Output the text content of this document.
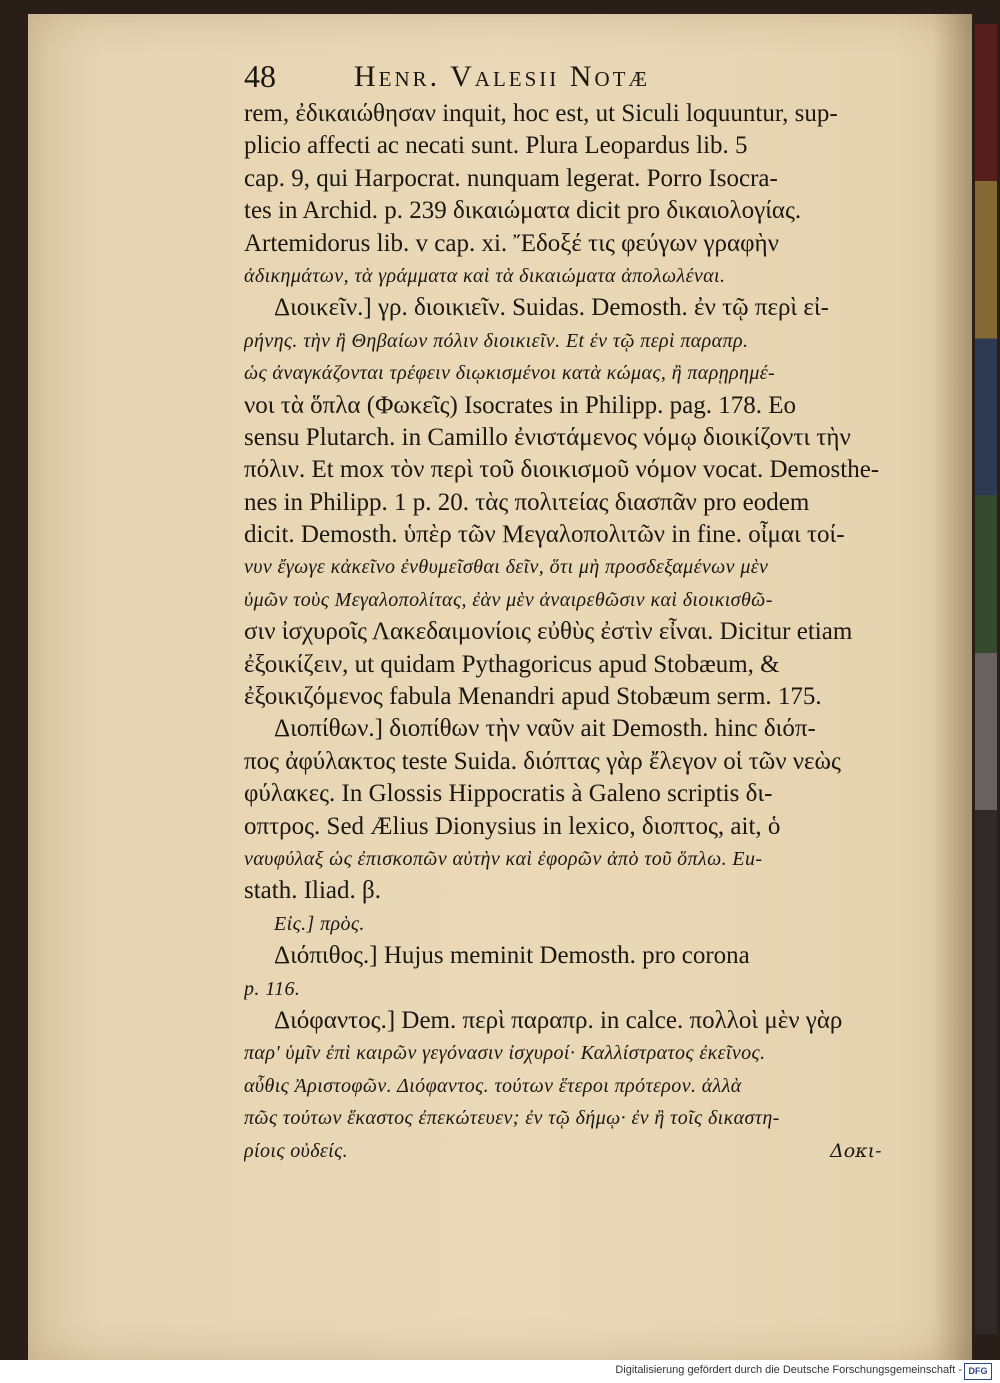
48	Henr. Valesii Notæ
rem, ἐδικαιώθησαν inquit, hoc est, ut Siculi loquuntur, sup-
plicio affecti ac necati sunt. Plura Leopardus lib. 5
cap. 9, qui Harpocrat. nunquam legerat. Porro Isocra-
tes in Archid. p. 239 δικαιώματα dicit pro δικαιολογίας.
Artemidorus lib. v cap. xi. Ἔδοξέ τις φεύγων γραφὴν
ἀδικημάτων, τὰ γράμματα καὶ τὰ δικαιώματα ἀπολωλέναι.
Διοικεῖν.] γρ. διοικιεῖν. Suidas. Demosth. ἐν τῷ περὶ εἰ-
ρήνης. τὴν ἢ Θηβαίων πόλιν διοικιεῖν. Et ἐν τῷ περὶ παραπρ.
ὡς ἀναγκάζονται τρέφειν διῳκισμένοι κατὰ κώμας, ἢ παρῃρημέ-
νοι τὰ ὅπλα (Φωκεῖς) Isocrates in Philipp. pag. 178. Eo
sensu Plutarch. in Camillo ἐνιστάμενος νόμῳ διοικίζοντι τὴν
πόλιν. Et mox τὸν περὶ τοῦ διοικισμοῦ νόμον vocat. Demosthe-
nes in Philipp. 1 p. 20. τὰς πολιτείας διασπᾶν pro eodem
dicit. Demosth. ὑπὲρ τῶν Μεγαλοπολιτῶν in fine. οἶμαι τοί-
νυν ἔγωγε κἀκεῖνο ἐνθυμεῖσθαι δεῖν, ὅτι μὴ προσδεξαμένων μὲν
ὑμῶν τοὺς Μεγαλοπολίτας, ἐὰν μὲν ἀναιρεθῶσιν καὶ διοικισθῶ-
σιν ἰσχυροῖς Λακεδαιμονίοις εὐθὺς ἐστὶν εἶναι. Dicitur etiam
ἐξοικίζειν, ut quidam Pythagoricus apud Stobæum, &
ἐξοικιζόμενος fabula Menandri apud Stobæum serm. 175.
Διοπίθων.] διοπίθων τὴν ναῦν ait Demosth. hinc διόπ-
πος ἀφύλακτος teste Suida. διόπτας γὰρ ἔλεγον οἱ τῶν νεὼς
φύλακες. In Glossis Hippocratis à Galeno scriptis δι-
οπτρος. Sed Ælius Dionysius in lexico, διοπτος, ait, ὁ
ναυφύλαξ ὡς ἐπισκοπῶν αὐτὴν καὶ ἐφορῶν ἀπὸ τοῦ ὅπλω. Eu-
stath. Iliad. β.
Εἰς.] πρὸς.
Διόπιθος.] Hujus meminit Demosth. pro corona
p. 116.
Διόφαντος.] Dem. περὶ παραπρ. in calce. πολλοὶ μὲν γὰρ
παρ' ὑμῖν ἐπὶ καιρῶν γεγόνασιν ἰσχυροί· Καλλίστρατος ἐκεῖνος.
αὖθις Ἀριστοφῶν. Διόφαντος. τούτων ἕτεροι πρότερον. ἀλλὰ
πῶς τούτων ἕκαστος ἐπεκώτευεν; ἐν τῷ δήμῳ· ἐν ἢ τοῖς δικαστη-
ρίοις οὐδείς.	Δοκι-
Digitalisierung gefördert durch die Deutsche Forschungsgemeinschaft - DFG
